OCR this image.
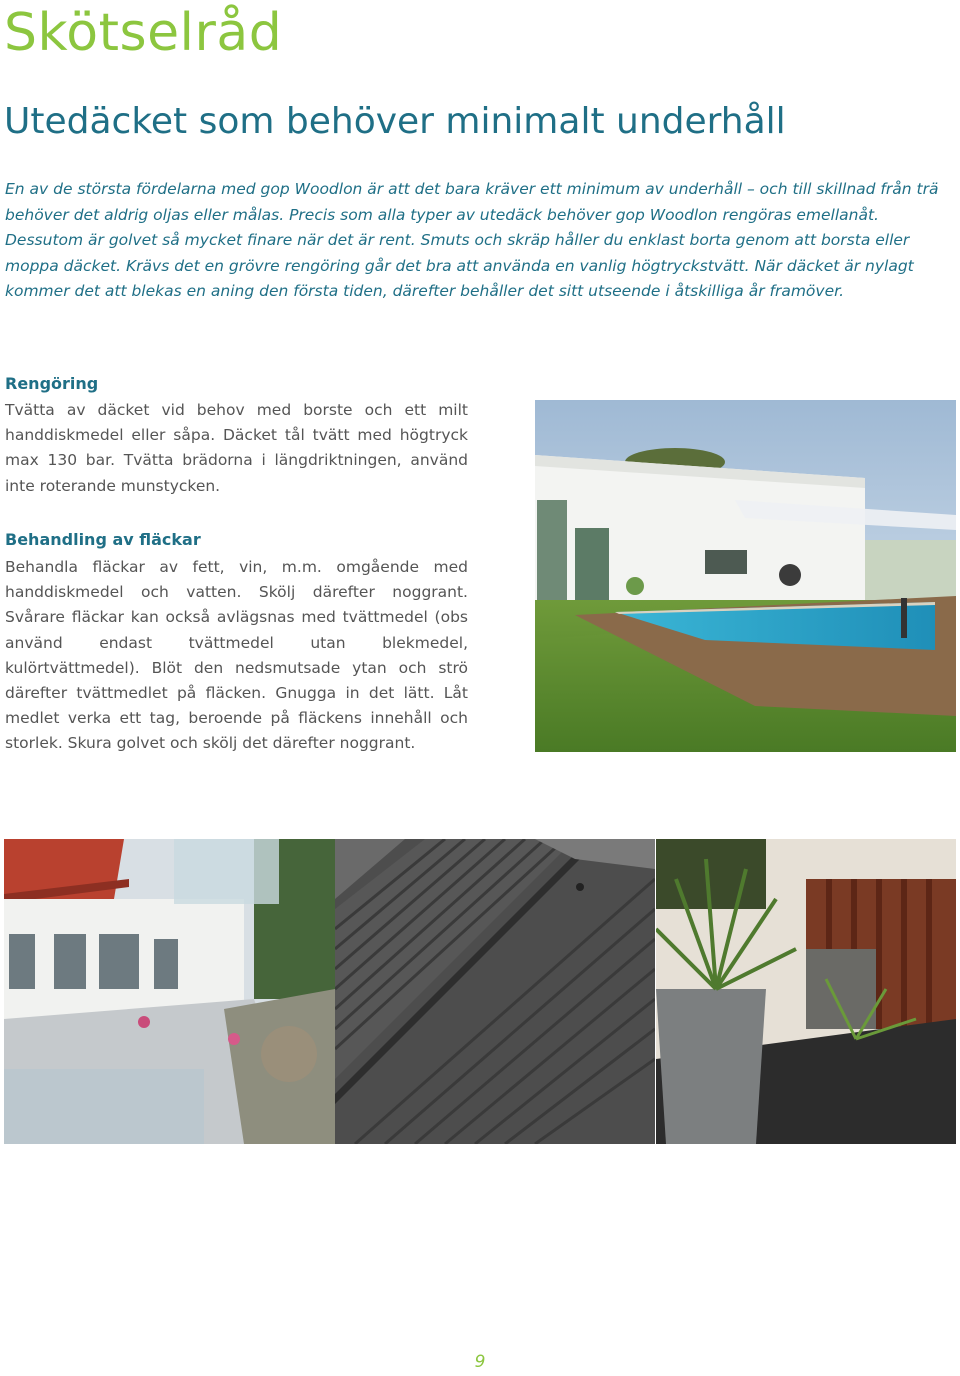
Skötselråd
Utedäcket som behöver minimalt underhåll

En av de största fördelarna med gop Woodlon är att det bara kräver ett minimum av underhåll – och till skillnad från trä behöver det aldrig oljas eller målas. Precis som alla typer av utedäck behöver gop Woodlon rengöras emellanåt. Dessutom är golvet så mycket finare när det är rent. Smuts och skräp håller du enklast borta genom att borsta eller moppa däcket. Krävs det en grövre rengöring går det bra att använda en vanlig högtryckstvätt. När däcket är nylagt kommer det att blekas en aning den första tiden, därefter behåller det sitt utseende i åtskilliga år framöver.

Rengöring

Tvätta av däcket vid behov med borste och ett milt handdiskmedel eller såpa. Däcket tål tvätt med högtryck max 130 bar. Tvätta brädorna i längdriktningen, använd inte roterande munstycken.

Behandling av fläckar

Behandla fläckar av fett, vin, m.m. omgående med handdiskmedel och vatten. Skölj därefter noggrant. Svårare fläckar kan också avlägsnas med tvättmedel (obs använd endast tvättmedel utan blekmedel, kulörtvättmedel). Blöt den nedsmutsade ytan och strö därefter tvättmedlet på fläcken. Gnugga in det lätt. Låt medlet verka ett tag, beroende på fläckens innehåll och storlek. Skura golvet och skölj det därefter noggrant.

9
